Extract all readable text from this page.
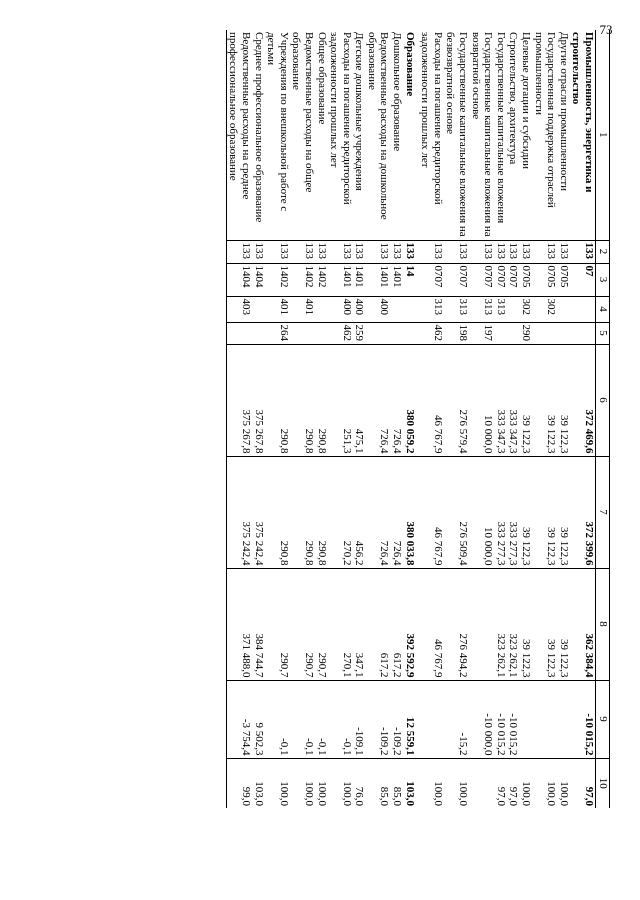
73
1	2	3	4	5	6	7	8	9	10
Промышленность, энергетика и строительство	133	07			372 469,6	372 399,6	362 384,4	-10 015,2	97,0
Другие отрасли промышленности	133	0705			39 122,3	39 122,3	39 122,3		100,0
Государственная поддержка отраслей промышленности	133	0705	302		39 122,3	39 122,3	39 122,3		100,0
Целевые дотации и субсидии	133	0705	302	290	39 122,3	39 122,3	39 122,3		100,0
Строительство, архитектура	133	0707			333 347,3	333 277,3	323 262,1	-10 015,2	97,0
Государственные капитальные вложения	133	0707	313		333 347,3	333 277,3	323 262,1	-10 015,2	97,0
Государственные капитальные вложения на возвратной основе	133	0707	313	197	10 000,0	10 000,0		-10 000,0	
Государственные капитальные вложения на безвозвратной основе	133	0707	313	198	276 579,4	276 509,4	276 494,2	-15,2	100,0
Расходы на погашение кредиторской задолженности прошлых лет	133	0707	313	462	46 767,9	46 767,9	46 767,9		100,0
Образование	133	14			380 059,2	380 033,8	392 592,9	12 559,1	103,0
Дошкольное образование	133	1401			726,4	726,4	617,2	-109,2	85,0
Ведомственные расходы на дошкольное образование	133	1401	400		726,4	726,4	617,2	-109,2	85,0
Детские дошкольные учреждения	133	1401	400	259	475,1	456,2	347,1	-109,1	76,0
Расходы на погашение кредиторской задолженности прошлых лет	133	1401	400	462	251,3	270,2	270,1	-0,1	100,0
Общее образование	133	1402			290,8	290,8	290,7	-0,1	100,0
Ведомственные расходы на общее образование	133	1402	401		290,8	290,8	290,7	-0,1	100,0
Учреждения по внешкольной работе с детьми	133	1402	401	264	290,8	290,8	290,7	-0,1	100,0
Среднее профессиональное образование	133	1404			375 267,8	375 242,4	384 744,7	9 502,3	103,0
Ведомственные расходы на среднее профессиональное образование	133	1404	403		375 267,8	375 242,4	371 488,0	-3 754,4	99,0
